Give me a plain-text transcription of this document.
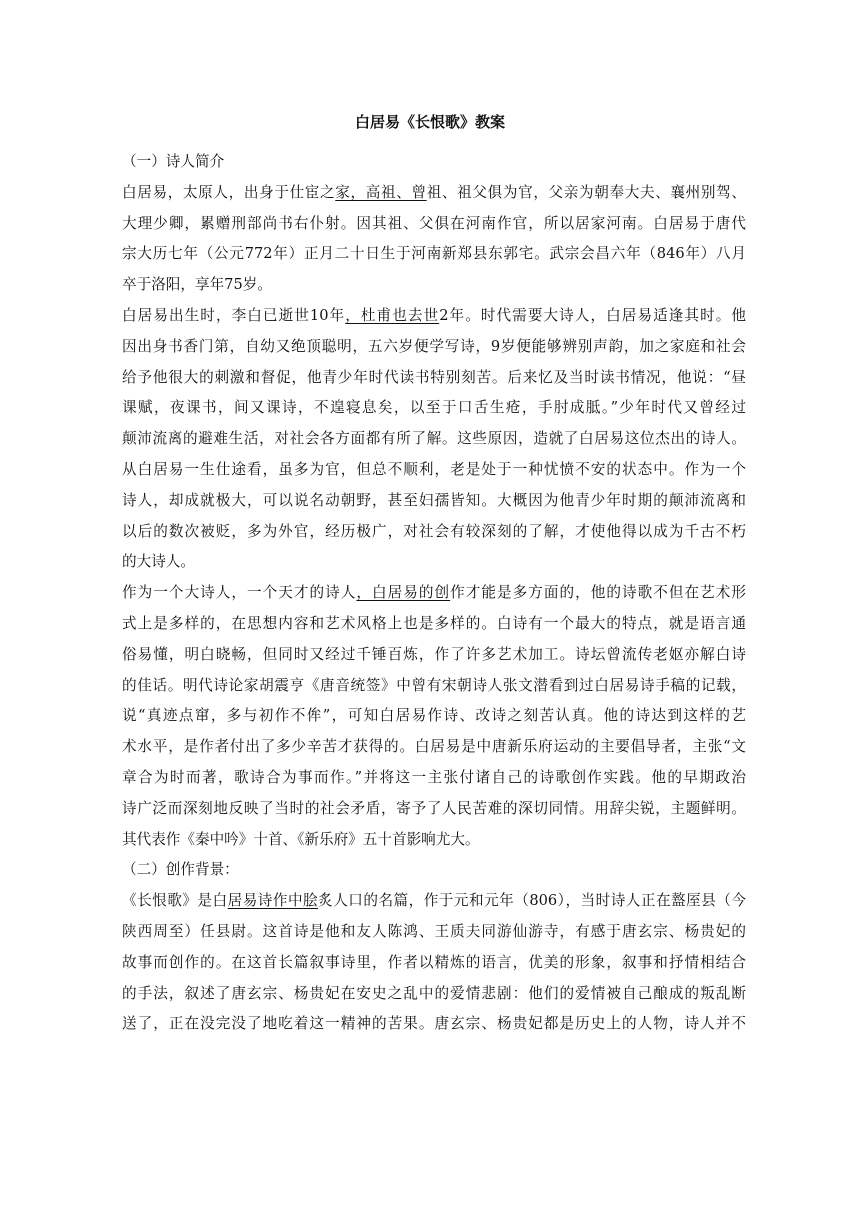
白居易《长恨歌》教案
（一）诗人简介
白居易，太原人，出身于仕宦之家，高祖、曾祖、祖父俱为官，父亲为朝奉大夫、襄州别驾、
大理少卿，累赠刑部尚书右仆射。因其祖、父俱在河南作官，所以居家河南。白居易于唐代
宗大历七年（公元772年）正月二十日生于河南新郑县东郭宅。武宗会昌六年（846年）八月
卒于洛阳，享年75岁。
白居易出生时，李白已逝世10年，杜甫也去世2年。时代需要大诗人，白居易适逢其时。他
因出身书香门第，自幼又绝顶聪明，五六岁便学写诗，9岁便能够辨别声韵，加之家庭和社会
给予他很大的刺激和督促，他青少年时代读书特别刻苦。后来忆及当时读书情况，他说：“昼
课赋，夜课书，间又课诗，不遑寝息矣，以至于口舌生疮，手肘成胝。”少年时代又曾经过
颠沛流离的避难生活，对社会各方面都有所了解。这些原因，造就了白居易这位杰出的诗人。
从白居易一生仕途看，虽多为官，但总不顺利，老是处于一种忧愤不安的状态中。作为一个
诗人，却成就极大，可以说名动朝野，甚至妇孺皆知。大概因为他青少年时期的颠沛流离和
以后的数次被贬，多为外官，经历极广，对社会有较深刻的了解，才使他得以成为千古不朽
的大诗人。
作为一个大诗人，一个天才的诗人，白居易的创作才能是多方面的，他的诗歌不但在艺术形
式上是多样的，在思想内容和艺术风格上也是多样的。白诗有一个最大的特点，就是语言通
俗易懂，明白晓畅，但同时又经过千锤百炼，作了许多艺术加工。诗坛曾流传老妪亦解白诗
的佳话。明代诗论家胡震亨《唐音统签》中曾有宋朝诗人张文潜看到过白居易诗手稿的记载，
说“真迹点窜，多与初作不侔”，可知白居易作诗、改诗之刻苦认真。他的诗达到这样的艺
术水平，是作者付出了多少辛苦才获得的。白居易是中唐新乐府运动的主要倡导者，主张“文
章合为时而著，歌诗合为事而作。”并将这一主张付诸自己的诗歌创作实践。他的早期政治
诗广泛而深刻地反映了当时的社会矛盾，寄予了人民苦难的深切同情。用辞尖锐，主题鲜明。
其代表作《秦中吟》十首、《新乐府》五十首影响尤大。
（二）创作背景：
《长恨歌》是白居易诗作中脍炙人口的名篇，作于元和元年（806），当时诗人正在盩厔县（今
陕西周至）任县尉。这首诗是他和友人陈鸿、王质夫同游仙游寺，有感于唐玄宗、杨贵妃的
故事而创作的。在这首长篇叙事诗里，作者以精炼的语言，优美的形象，叙事和抒情相结合
的手法，叙述了唐玄宗、杨贵妃在安史之乱中的爱情悲剧：他们的爱情被自己酿成的叛乱断
送了，正在没完没了地吃着这一精神的苦果。唐玄宗、杨贵妃都是历史上的人物，诗人并不
